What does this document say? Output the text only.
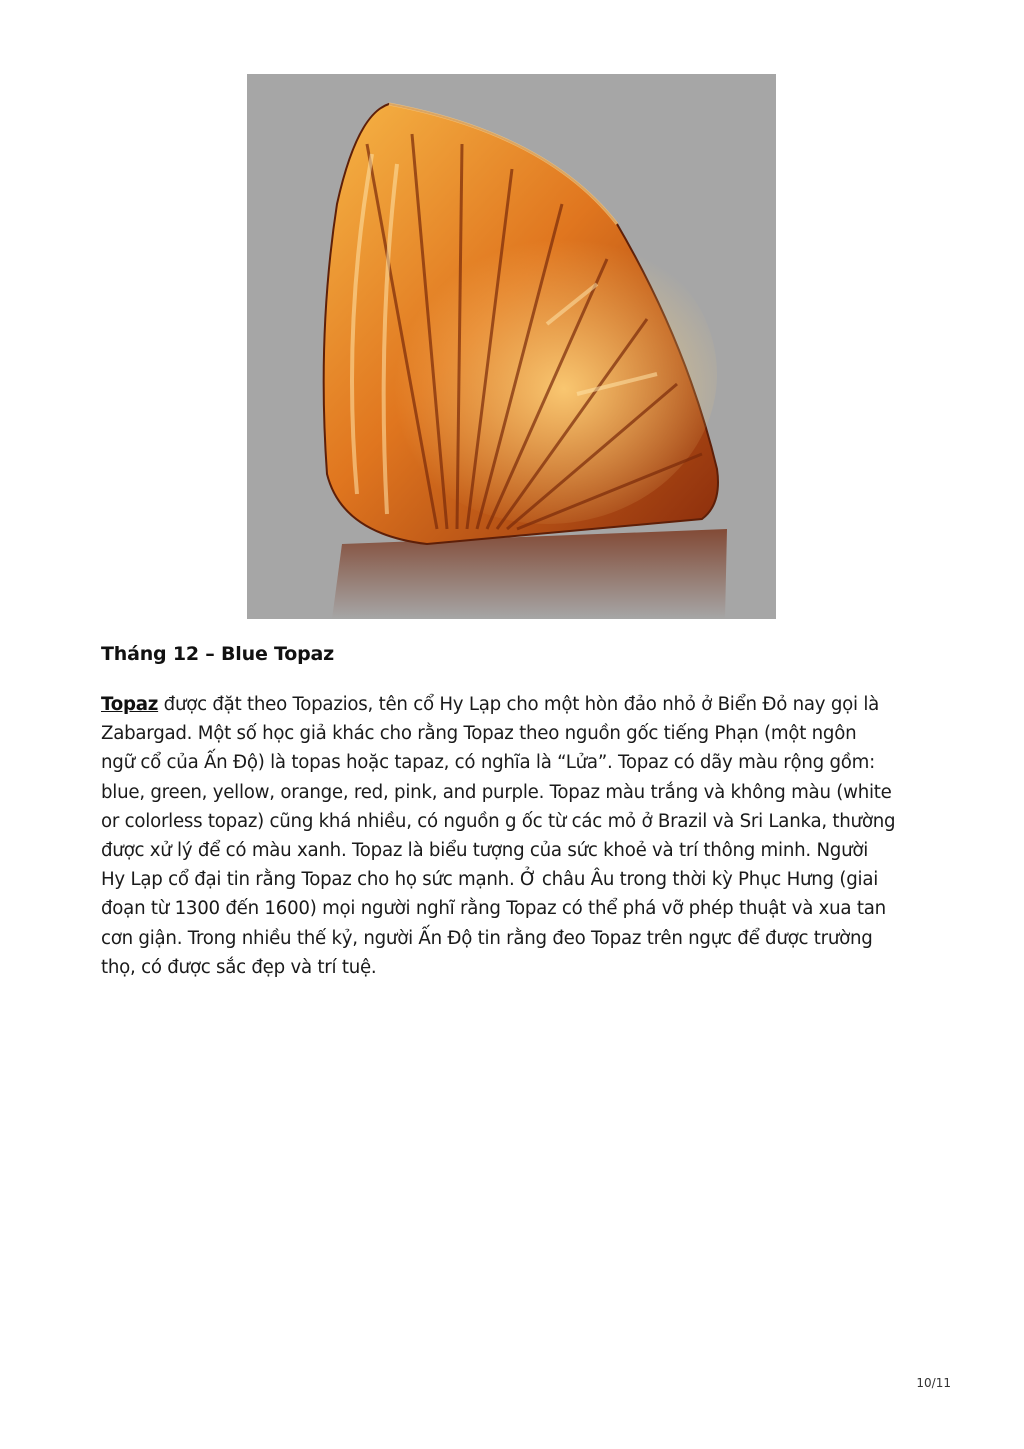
Tháng 12 – Blue Topaz

Topaz được đặt theo Topazios, tên cổ Hy Lạp cho một hòn đảo nhỏ ở Biển Đỏ nay gọi là
Zabargad. Một số học giả khác cho rằng Topaz theo nguồn gốc tiếng Phạn (một ngôn
ngữ cổ của Ấn Độ) là topas hoặc tapaz, có nghĩa là “Lửa”. Topaz có dãy màu rộng gồm:
blue, green, yellow, orange, red, pink, and purple. Topaz màu trắng và không màu (white
or colorless topaz) cũng khá nhiều, có nguồn g ốc từ các mỏ ở Brazil và Sri Lanka, thường
được xử lý để có màu xanh. Topaz là biểu tượng của sức khoẻ và trí thông minh. Người
Hy Lạp cổ đại tin rằng Topaz cho họ sức mạnh. Ở châu Âu trong thời kỳ Phục Hưng (giai
đoạn từ 1300 đến 1600) mọi người nghĩ rằng Topaz có thể phá vỡ phép thuật và xua tan
cơn giận. Trong nhiều thế kỷ, người Ấn Độ tin rằng đeo Topaz trên ngực để được trường
thọ, có được sắc đẹp và trí tuệ.

10/11
